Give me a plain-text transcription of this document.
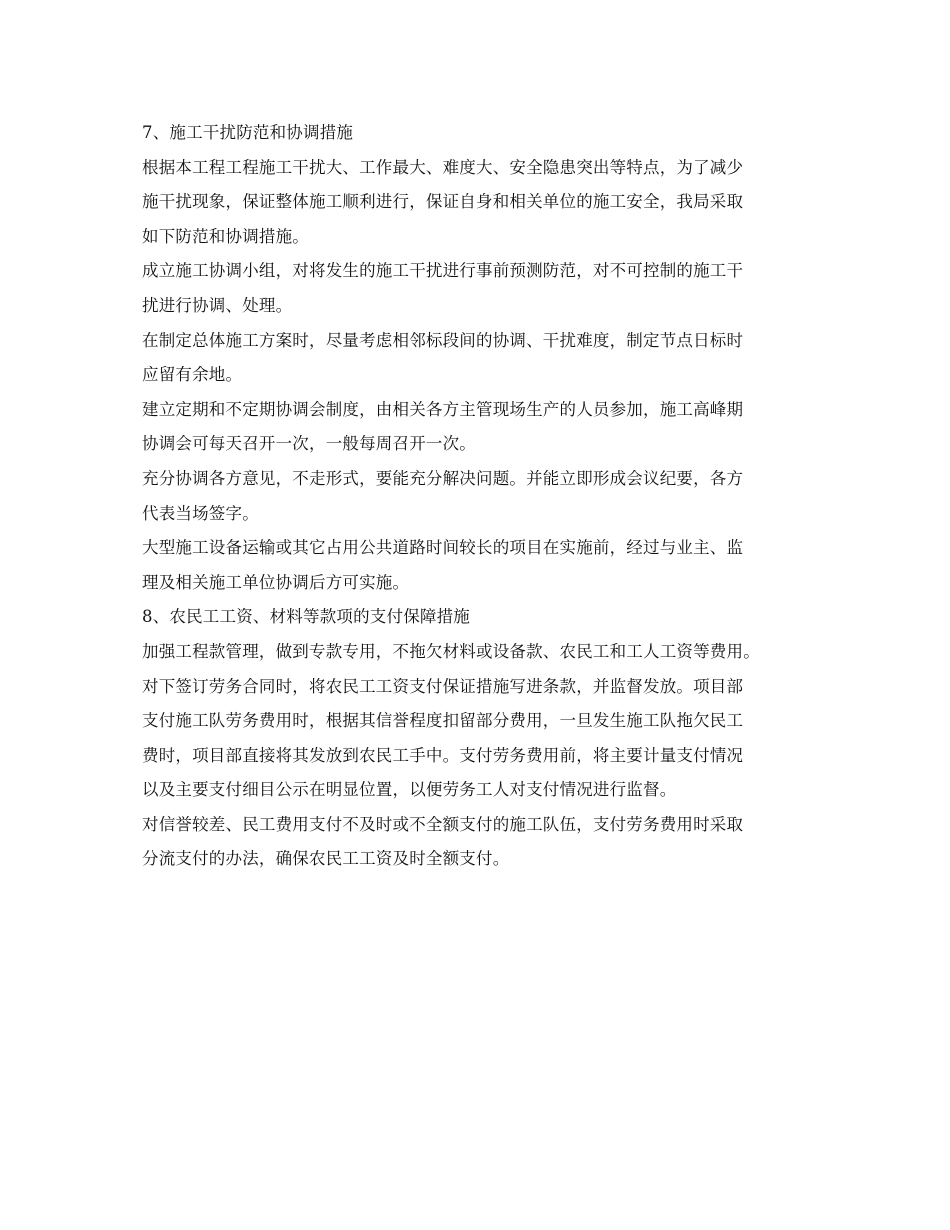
7、施工干扰防范和协调措施
根据本工程工程施工干扰大、工作最大、难度大、安全隐患突出等特点，为了减少
施干扰现象，保证整体施工顺利进行，保证自身和相关单位的施工安全，我局采取
如下防范和协调措施。
成立施工协调小组，对将发生的施工干扰进行事前预测防范，对不可控制的施工干
扰进行协调、处理。
在制定总体施工方案时，尽量考虑相邻标段间的协调、干扰难度，制定节点日标时
应留有余地。
建立定期和不定期协调会制度，由相关各方主管现场生产的人员参加，施工高峰期
协调会可每天召开一次，一般每周召开一次。
充分协调各方意见，不走形式，要能充分解决问题。并能立即形成会议纪要，各方
代表当场签字。
大型施工设备运输或其它占用公共道路时间较长的项目在实施前，经过与业主、监
理及相关施工单位协调后方可实施。
8、农民工工资、材料等款项的支付保障措施
加强工程款管理，做到专款专用，不拖欠材料或设备款、农民工和工人工资等费用。
对下签订劳务合同时，将农民工工资支付保证措施写进条款，并监督发放。项目部
支付施工队劳务费用时，根据其信誉程度扣留部分费用，一旦发生施工队拖欠民工
费时，项目部直接将其发放到农民工手中。支付劳务费用前，将主要计量支付情况
以及主要支付细目公示在明显位置，以便劳务工人对支付情况进行监督。
对信誉较差、民工费用支付不及时或不全额支付的施工队伍，支付劳务费用时采取
分流支付的办法，确保农民工工资及时全额支付。
